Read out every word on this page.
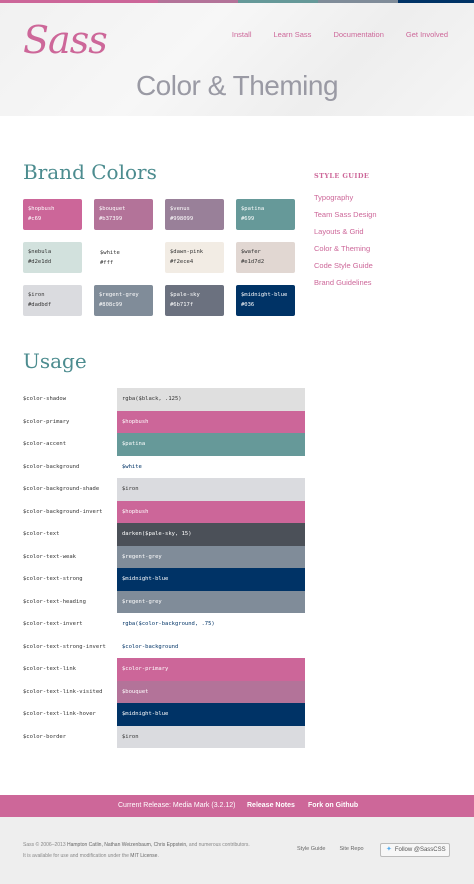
Sass	Install	Learn Sass	Documentation	Get Involved
Color & Theming
Brand Colors
$hopbush
#c69
$bouquet
#b37399
$venus
#998099
$patina
#699
$nebula
#d2e1dd
$white
#fff
$dawn-pink
#f2ece4
$wafer
#e1d7d2
$iron
#dadbdf
$regent-grey
#808c99
$pale-sky
#6b717f
$midnight-blue
#036
STYLE GUIDE
Typography
Team Sass Design
Layouts & Grid
Color & Theming
Code Style Guide
Brand Guidelines
Usage
$color-shadow	rgba($black, .125)
$color-primary	$hopbush
$color-accent	$patina
$color-background	$white
$color-background-shade	$iron
$color-background-invert	$hopbush
$color-text	darken($pale-sky, 15)
$color-text-weak	$regent-grey
$color-text-strong	$midnight-blue
$color-text-heading	$regent-grey
$color-text-invert	rgba($color-background, .75)
$color-text-strong-invert	$color-background
$color-text-link	$color-primary
$color-text-link-visited	$bouquet
$color-text-link-hover	$midnight-blue
$color-border	$iron
Current Release: Media Mark (3.2.12) Release Notes Fork on Github
Sass © 2006–2013 Hampton Catlin, Nathan Weizenbaum, Chris Eppstein, and numerous contributors.
It is available for use and modification under the MIT License.
Style Guide	Site Repo	✦ Follow @SassCSS
